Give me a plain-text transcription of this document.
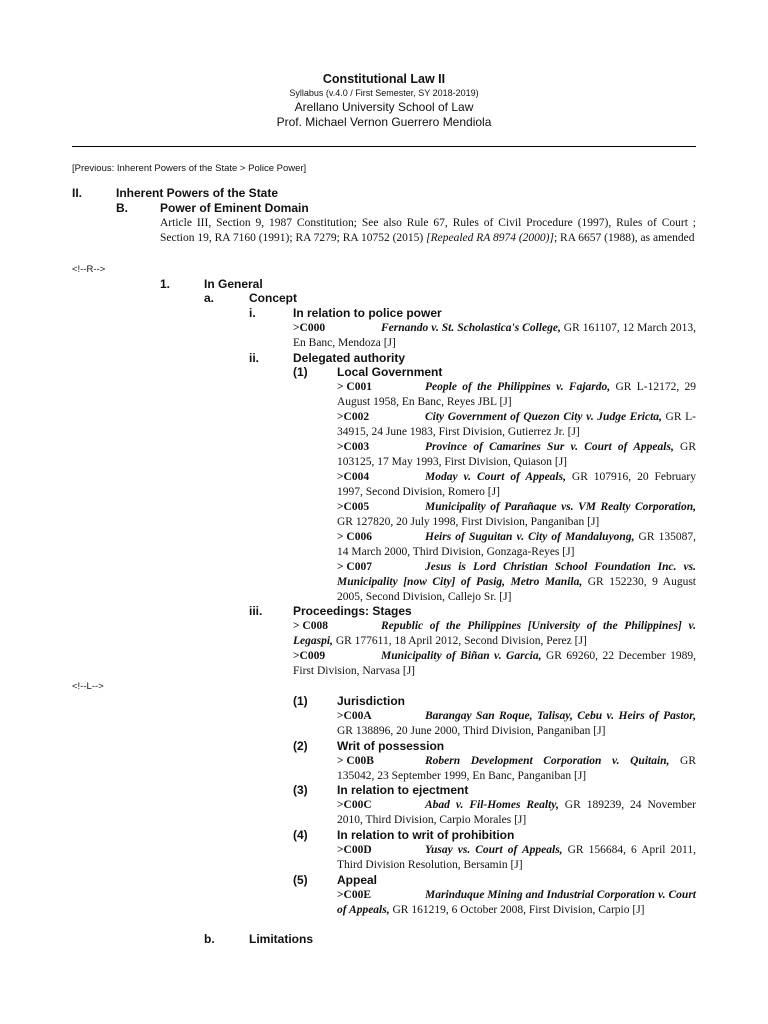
Constitutional Law II
Syllabus (v.4.0 / First Semester, SY 2018-2019)
Arellano University School of Law
Prof. Michael Vernon Guerrero Mendiola
[Previous: Inherent Powers of the State > Police Power]
II.	Inherent Powers of the State
B.	Power of Eminent Domain
Article III, Section 9, 1987 Constitution; See also Rule 67, Rules of Civil Procedure (1997), Rules of Court ; Section 19, RA 7160 (1991); RA 7279; RA 10752 (2015) [Repealed RA 8974 (2000)]; RA 6657 (1988), as amended
<!--R-->
1.	In General
a.	Concept
i.	In relation to police power
>C000	Fernando v. St. Scholastica's College, GR 161107, 12 March 2013, En Banc, Mendoza [J]
ii.	Delegated authority
(1) Local Government
> C001	People of the Philippines v. Fajardo, GR L-12172, 29 August 1958, En Banc, Reyes JBL [J]
>C002	City Government of Quezon City v. Judge Ericta, GR L-34915, 24 June 1983, First Division, Gutierrez Jr. [J]
>C003	Province of Camarines Sur v. Court of Appeals, GR 103125, 17 May 1993, First Division, Quiason [J]
>C004	Moday v. Court of Appeals, GR 107916, 20 February 1997, Second Division, Romero [J]
>C005	Municipality of Parañaque vs. VM Realty Corporation, GR 127820, 20 July 1998, First Division, Panganiban [J]
> C006	Heirs of Suguitan v. City of Mandaluyong, GR 135087, 14 March 2000, Third Division, Gonzaga-Reyes [J]
> C007	Jesus is Lord Christian School Foundation Inc. vs. Municipality [now City] of Pasig, Metro Manila, GR 152230, 9 August 2005, Second Division, Callejo Sr. [J]
iii.	Proceedings: Stages
> C008	Republic of the Philippines [University of the Philippines] v. Legaspi, GR 177611, 18 April 2012, Second Division, Perez [J]
>C009	Municipality of Biñan v. Garcia, GR 69260, 22 December 1989, First Division, Narvasa [J]
<!--L-->
(1) Jurisdiction
>C00A	Barangay San Roque, Talisay, Cebu v. Heirs of Pastor, GR 138896, 20 June 2000, Third Division, Panganiban [J]
(2) Writ of possession
> C00B	Robern Development Corporation v. Quitain, GR 135042, 23 September 1999, En Banc, Panganiban [J]
(3) In relation to ejectment
>C00C	Abad v. Fil-Homes Realty, GR 189239, 24 November 2010, Third Division, Carpio Morales [J]
(4) In relation to writ of prohibition
>C00D	Yusay vs. Court of Appeals, GR 156684, 6 April 2011, Third Division Resolution, Bersamin [J]
(5) Appeal
>C00E	Marinduque Mining and Industrial Corporation v. Court of Appeals, GR 161219, 6 October 2008, First Division, Carpio [J]
b.	Limitations
